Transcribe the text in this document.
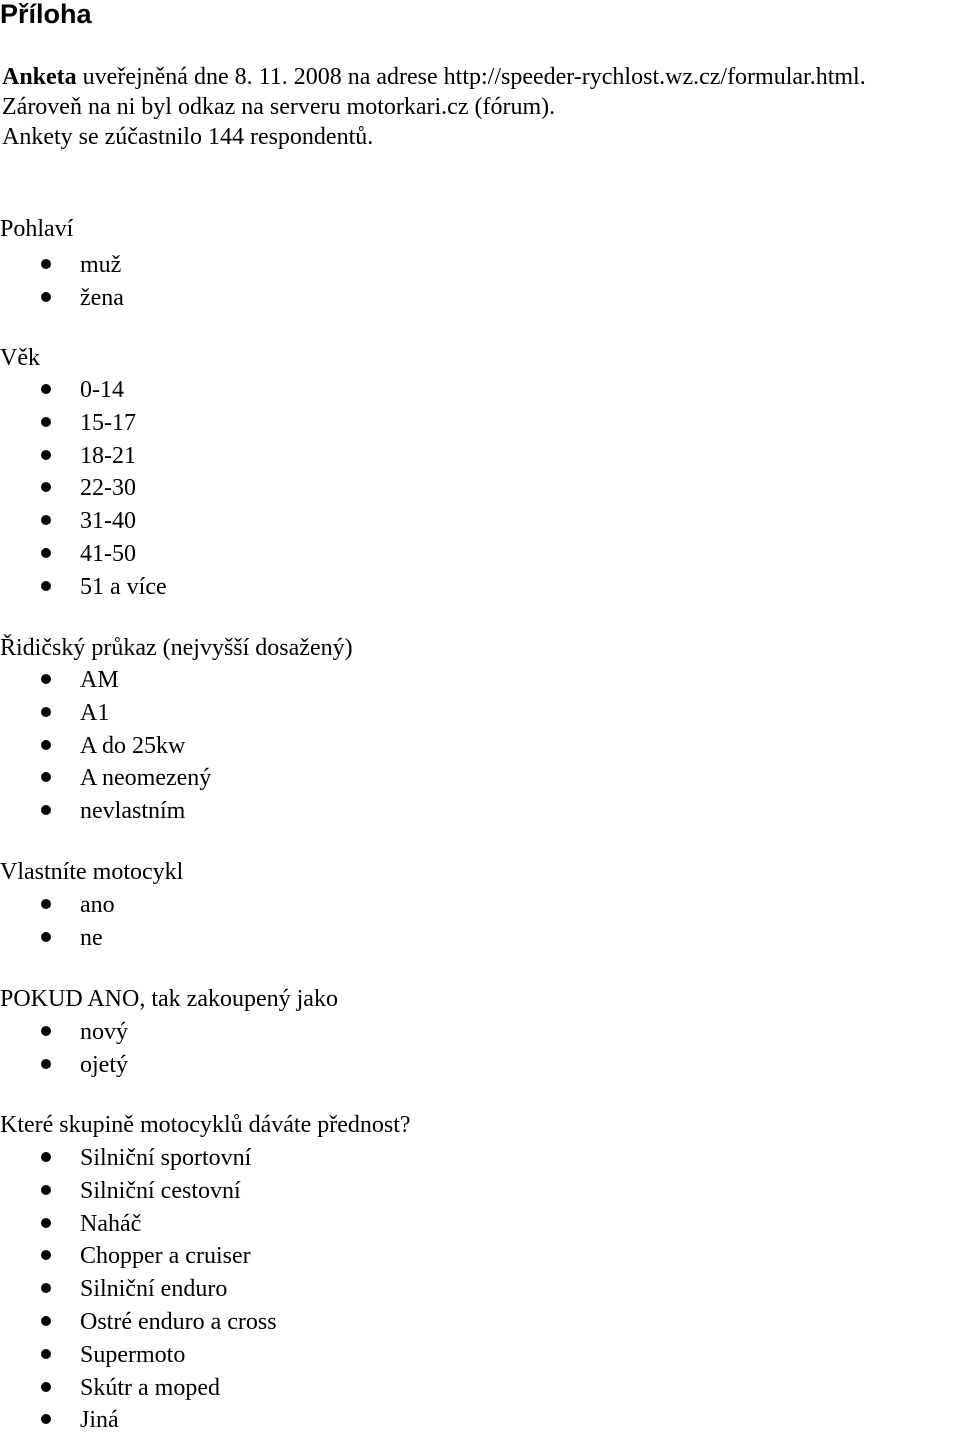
Příloha
Anketa uveřejněná dne 8. 11. 2008 na adrese http://speeder-rychlost.wz.cz/formular.html.
Zároveň na ni byl odkaz na serveru motorkari.cz (fórum).
Ankety se zúčastnilo 144 respondentů.
Pohlaví
muž
žena
Věk
0-14
15-17
18-21
22-30
31-40
41-50
51 a více
Řidičský průkaz (nejvyšší dosažený)
AM
A1
A do 25kw
A neomezený
nevlastním
Vlastníte motocykl
ano
ne
POKUD ANO, tak zakoupený jako
nový
ojetý
Které skupině motocyklů dáváte přednost?
Silniční sportovní
Silniční cestovní
Naháč
Chopper a cruiser
Silniční enduro
Ostré enduro a cross
Supermoto
Skútr a moped
Jiná
